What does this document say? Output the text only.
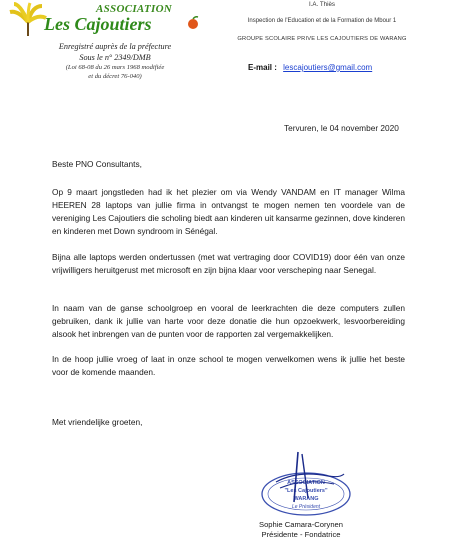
ASSOCIATION
Les Cajoutiers
Enregistré auprès de la préfecture
Sous le n° 2349/DMB
(Loi 68-08 du 26 mars 1968 modifiée
et du décret 76-040)
I.A. Thiès
Inspection de l'Education et de la Formation de Mbour 1
GROUPE SCOLAIRE PRIVE LES CAJOUTIERS DE WARANG
E-mail : lescajoutiers@gmail.com
Tervuren, le 04 november 2020
Beste PNO Consultants,
Op 9 maart jongstleden had ik het plezier om via Wendy VANDAM en IT manager Wilma HEEREN 28 laptops van jullie firma in ontvangst te mogen nemen ten voordele van de vereniging Les Cajoutiers die scholing biedt aan kinderen uit kansarme gezinnen, dove kinderen en kinderen met Down syndroom in Sénégal.
Bijna alle laptops werden ondertussen (met wat vertraging door COVID19) door één van onze vrijwilligers heruitgerust met microsoft en zijn bijna klaar voor verscheping naar Senegal.
In naam van de ganse schoolgroep en vooral de leerkrachten die deze computers zullen gebruiken, dank ik jullie van harte voor deze donatie die hun opzoekwerk, lesvoorbereiding alsook het inbrengen van de punten voor de rapporten zal vergemakkelijken.
In de hoop jullie vroeg of laat in onze school te mogen verwelkomen wens ik jullie het beste voor de komende maanden.
Met vriendelijke groeten,
ASSOCIATION
"Les Cajoutiers"
WARANG
Le Président
Sophie Camara-Corynen
Présidente - Fondatrice
